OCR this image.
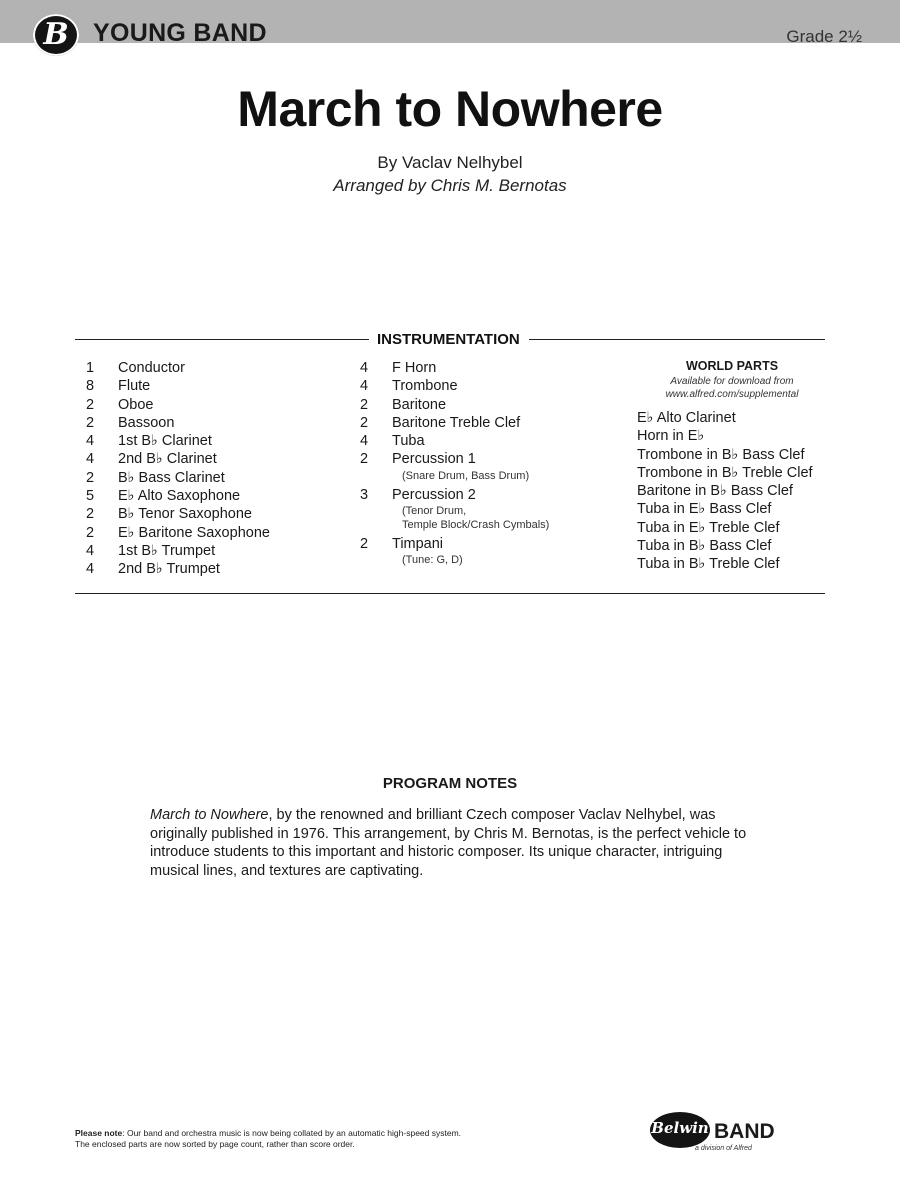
B YOUNG BAND	Grade 2½
March to Nowhere
By Vaclav Nelhybel
Arranged by Chris M. Bernotas
INSTRUMENTATION
1	Conductor
8	Flute
2	Oboe
2	Bassoon
4	1st B♭ Clarinet
4	2nd B♭ Clarinet
2	B♭ Bass Clarinet
5	E♭ Alto Saxophone
2	B♭ Tenor Saxophone
2	E♭ Baritone Saxophone
4	1st B♭ Trumpet
4	2nd B♭ Trumpet
4	F Horn
4	Trombone
2	Baritone
2	Baritone Treble Clef
4	Tuba
2	Percussion 1
(Snare Drum, Bass Drum)
3	Percussion 2
(Tenor Drum,
Temple Block/Crash Cymbals)
2	Timpani
(Tune: G, D)
WORLD PARTS
Available for download from
www.alfred.com/supplemental
E♭ Alto Clarinet
Horn in E♭
Trombone in B♭ Bass Clef
Trombone in B♭ Treble Clef
Baritone in B♭ Bass Clef
Tuba in E♭ Bass Clef
Tuba in E♭ Treble Clef
Tuba in B♭ Bass Clef
Tuba in B♭ Treble Clef
PROGRAM NOTES
March to Nowhere, by the renowned and brilliant Czech composer Vaclav Nelhybel, was originally published in 1976. This arrangement, by Chris M. Bernotas, is the perfect vehicle to introduce students to this important and historic composer. Its unique character, intriguing musical lines, and textures are captivating.
Please note: Our band and orchestra music is now being collated by an automatic high-speed system.
The enclosed parts are now sorted by page count, rather than score order.
Belwin BAND
a division of Alfred
